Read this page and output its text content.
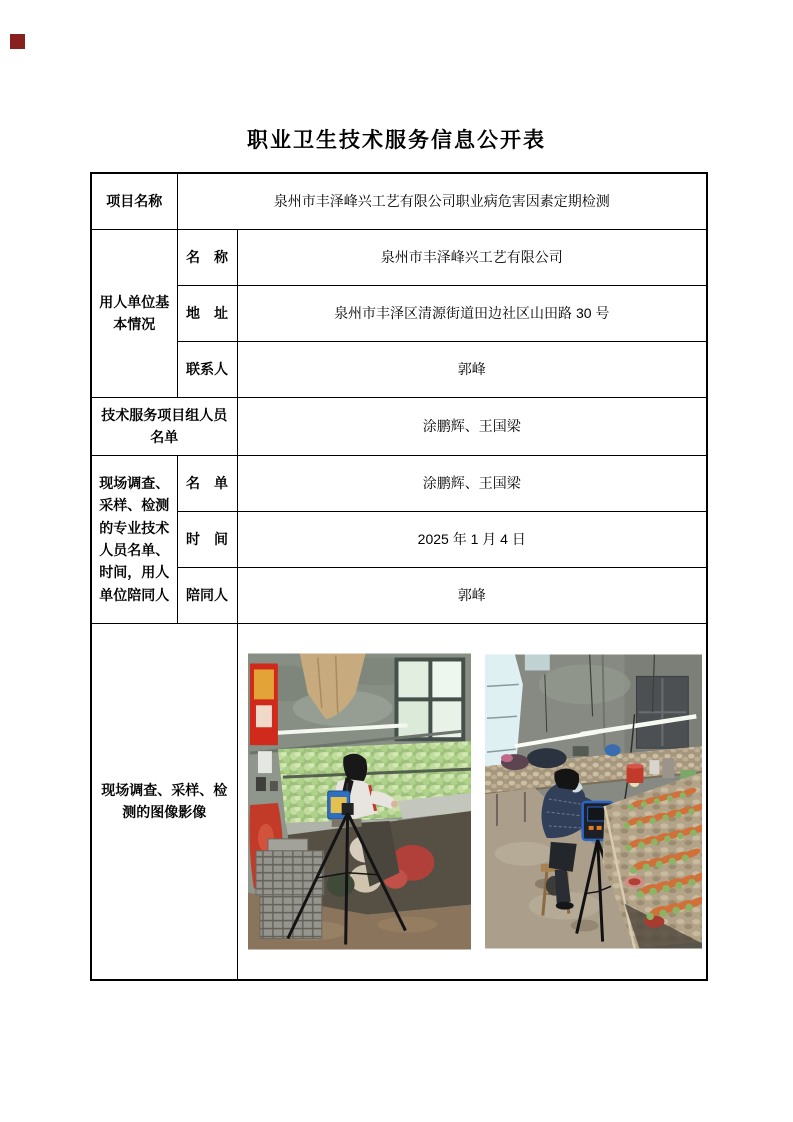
职业卫生技术服务信息公开表
项目名称	泉州市丰泽峰兴工艺有限公司职业病危害因素定期检测	
用人单位基本情况	名　称	泉州市丰泽峰兴工艺有限公司
	地　址	泉州市丰泽区清源街道田边社区山田路 30 号
	联系人	郭峰
技术服务项目组人员名单		涂鹏辉、王国梁
现场调查、采样、检测的专业技术人员名单、时间，用人单位陪同人	名　单	涂鹏辉、王国梁
	时　间	2025 年 1 月 4 日
	陪同人	郭峰
现场调查、采样、检测的图像影像	
